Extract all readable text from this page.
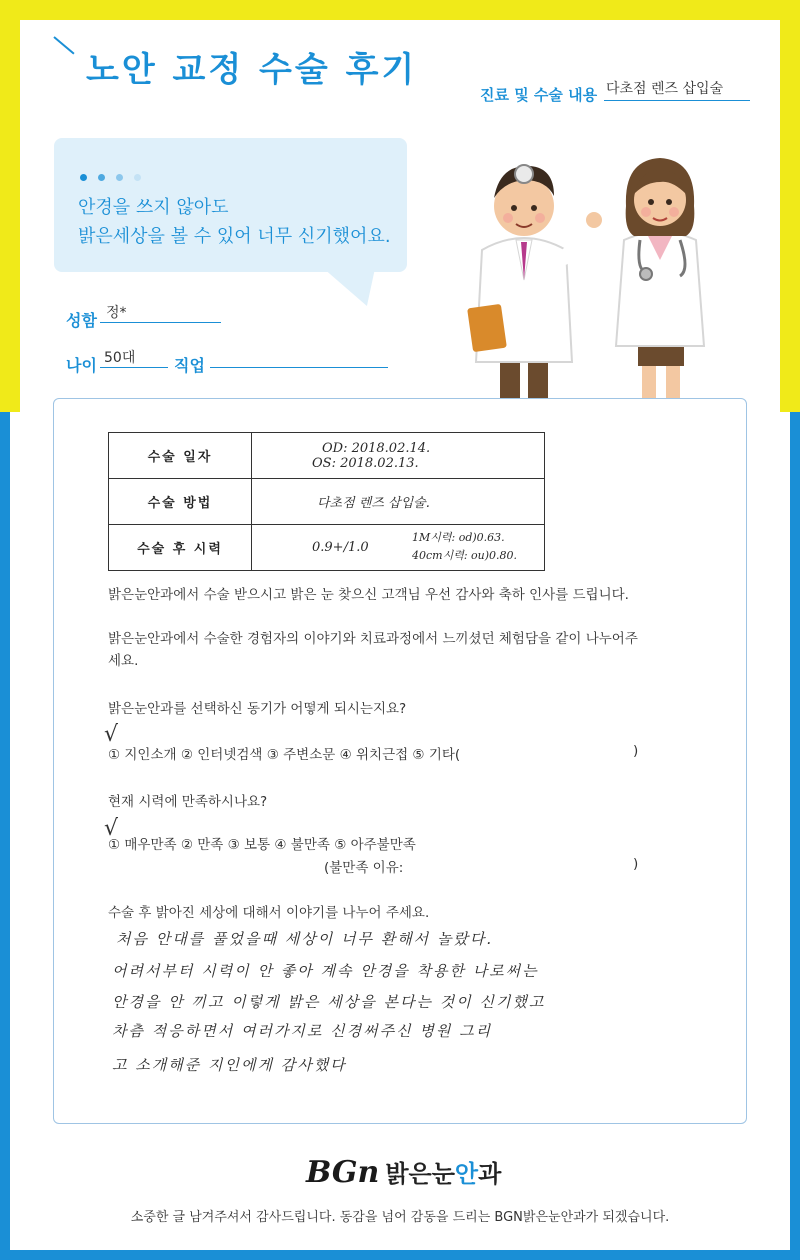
노안 교정 수술 후기
진료 및 수술 내용 다초점 렌즈 삽입술
안경을 쓰지 않아도
밝은세상을 볼 수 있어 너무 신기했어요.
성함 정*
나이 50대	직업
수술 일자	OD: 2018.02.14.
OS: 2018.02.13.

수술 방법	다초점 렌즈 삽입술.
수술 후 시력	0.9+/1.0
1M시력: od)0.63.
40cm시력: ou)0.80.
밝은눈안과에서 수술 받으시고 밝은 눈 찾으신 고객님 우선 감사와 축하 인사를 드립니다.
밝은눈안과에서 수술한 경험자의 이야기와 치료과정에서 느끼셨던 체험담을 같이 나누어주세요.
밝은눈안과를 선택하신 동기가 어떻게 되시는지요?
√
① 지인소개 ② 인터넷검색 ③ 주변소문 ④ 위치근접 ⑤ 기타(	)
현재 시력에 만족하시나요?
√
① 매우만족 ② 만족 ③ 보통 ④ 불만족 ⑤ 아주불만족
(불만족 이유:	)
수술 후 밝아진 세상에 대해서 이야기를 나누어 주세요.
처음 안대를 풀었을때 세상이 너무 환해서 놀랐다.
어려서부터 시력이 안 좋아 계속 안경을 착용한 나로써는
안경을 안 끼고 이렇게 밝은 세상을 본다는 것이 신기했고
차츰 적응하면서 여러가지로 신경써주신 병원 그리
고 소개해준 지인에게 감사했다
BGn 밝은눈안과
소중한 글 남겨주셔서 감사드립니다. 동감을 넘어 감동을 드리는 BGN밝은눈안과가 되겠습니다.
